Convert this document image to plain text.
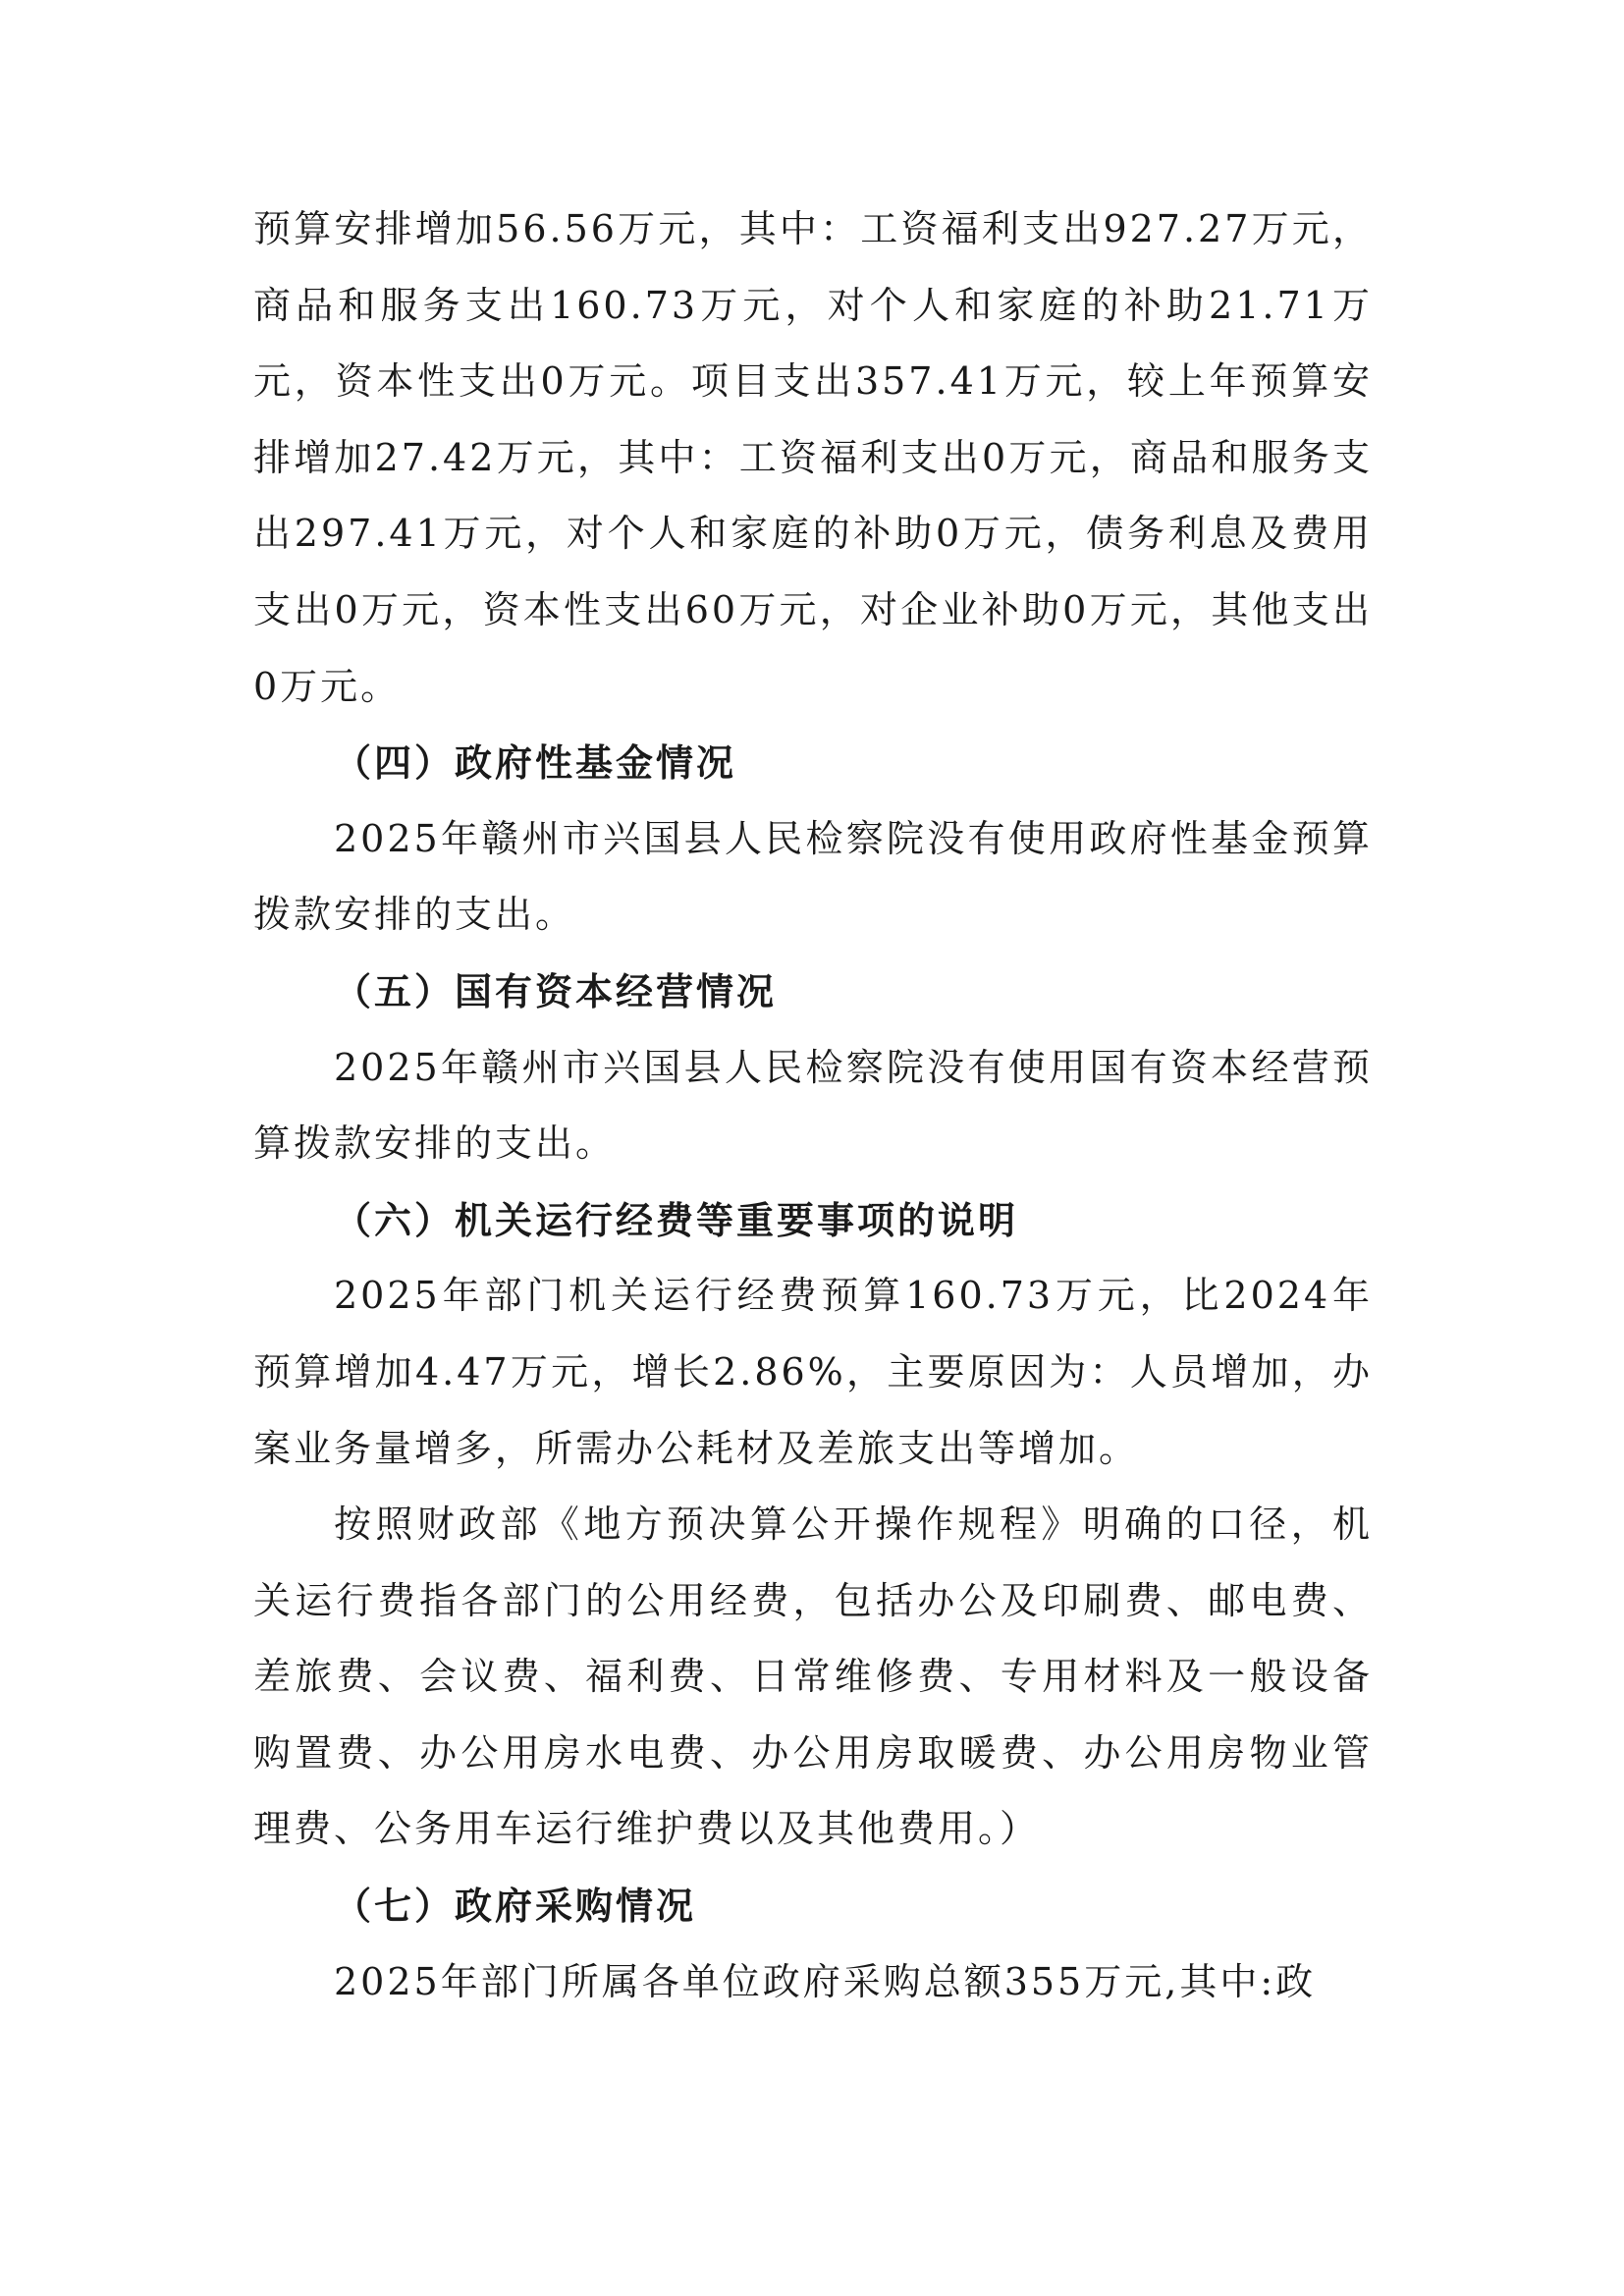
预算安排增加56.56万元，其中：工资福利支出927.27万元，商品和服务支出160.73万元，对个人和家庭的补助21.71万元，资本性支出0万元。项目支出357.41万元，较上年预算安排增加27.42万元，其中：工资福利支出0万元，商品和服务支出297.41万元，对个人和家庭的补助0万元，债务利息及费用支出0万元，资本性支出60万元，对企业补助0万元，其他支出0万元。

（四）政府性基金情况

2025年赣州市兴国县人民检察院没有使用政府性基金预算拨款安排的支出。

（五）国有资本经营情况

2025年赣州市兴国县人民检察院没有使用国有资本经营预算拨款安排的支出。

（六）机关运行经费等重要事项的说明

2025年部门机关运行经费预算160.73万元，比2024年预算增加4.47万元，增长2.86%，主要原因为：人员增加，办案业务量增多，所需办公耗材及差旅支出等增加。

按照财政部《地方预决算公开操作规程》明确的口径，机关运行费指各部门的公用经费，包括办公及印刷费、邮电费、差旅费、会议费、福利费、日常维修费、专用材料及一般设备购置费、办公用房水电费、办公用房取暖费、办公用房物业管理费、公务用车运行维护费以及其他费用。）

（七）政府采购情况

2025年部门所属各单位政府采购总额355万元,其中:政
